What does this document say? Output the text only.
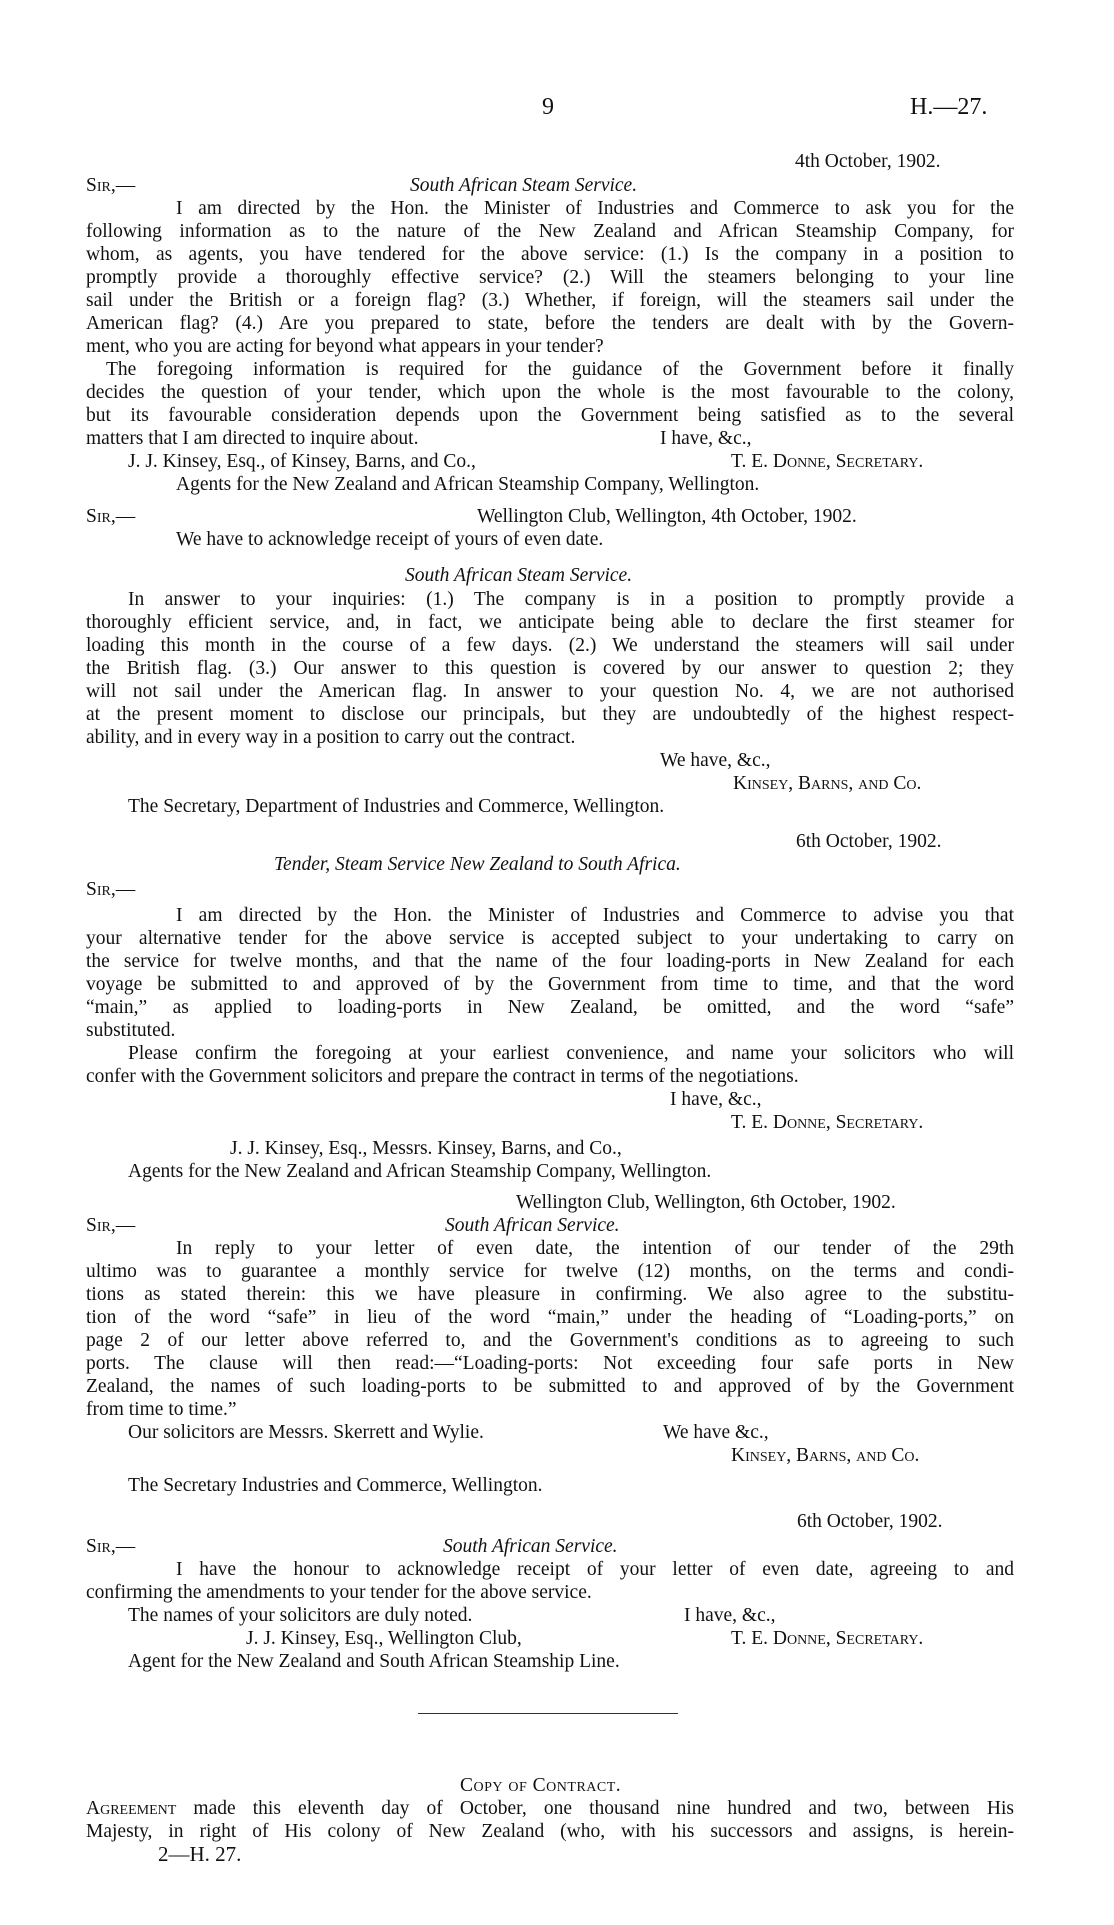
9	H.—27.
4th October, 1902.
Sir,—	South African Steam Service.
I am directed by the Hon. the Minister of Industries and Commerce to ask you for the
following information as to the nature of the New Zealand and African Steamship Company, for
whom, as agents, you have tendered for the above service: (1.) Is the company in a position to
promptly provide a thoroughly effective service? (2.) Will the steamers belonging to your line
sail under the British or a foreign flag? (3.) Whether, if foreign, will the steamers sail under the
American flag? (4.) Are you prepared to state, before the tenders are dealt with by the Govern-
ment, who you are acting for beyond what appears in your tender?
The foregoing information is required for the guidance of the Government before it finally
decides the question of your tender, which upon the whole is the most favourable to the colony,
but its favourable consideration depends upon the Government being satisfied as to the several
matters that I am directed to inquire about.	I have, &c.,
J. J. Kinsey, Esq., of Kinsey, Barns, and Co.,	T. E. Donne, Secretary.
Agents for the New Zealand and African Steamship Company, Wellington.
Sir,—	Wellington Club, Wellington, 4th October, 1902.
We have to acknowledge receipt of yours of even date.
South African Steam Service.
In answer to your inquiries: (1.) The company is in a position to promptly provide a
thoroughly efficient service, and, in fact, we anticipate being able to declare the first steamer for
loading this month in the course of a few days. (2.) We understand the steamers will sail under
the British flag. (3.) Our answer to this question is covered by our answer to question 2; they
will not sail under the American flag. In answer to your question No. 4, we are not authorised
at the present moment to disclose our principals, but they are undoubtedly of the highest respect-
ability, and in every way in a position to carry out the contract.
We have, &c.,
Kinsey, Barns, and Co.
The Secretary, Department of Industries and Commerce, Wellington.
6th October, 1902.
Tender, Steam Service New Zealand to South Africa.
Sir,—
I am directed by the Hon. the Minister of Industries and Commerce to advise you that
your alternative tender for the above service is accepted subject to your undertaking to carry on
the service for twelve months, and that the name of the four loading-ports in New Zealand for each
voyage be submitted to and approved of by the Government from time to time, and that the word
“main,” as applied to loading-ports in New Zealand, be omitted, and the word “safe”
substituted.
Please confirm the foregoing at your earliest convenience, and name your solicitors who will
confer with the Government solicitors and prepare the contract in terms of the negotiations.
I have, &c.,
T. E. Donne, Secretary.
J. J. Kinsey, Esq., Messrs. Kinsey, Barns, and Co.,
Agents for the New Zealand and African Steamship Company, Wellington.
Wellington Club, Wellington, 6th October, 1902.
Sir,—	South African Service.
In reply to your letter of even date, the intention of our tender of the 29th
ultimo was to guarantee a monthly service for twelve (12) months, on the terms and condi-
tions as stated therein: this we have pleasure in confirming. We also agree to the substitu-
tion of the word “safe” in lieu of the word “main,” under the heading of “Loading-ports,” on
page 2 of our letter above referred to, and the Government's conditions as to agreeing to such
ports. The clause will then read:—“Loading-ports: Not exceeding four safe ports in New
Zealand, the names of such loading-ports to be submitted to and approved of by the Government
from time to time.”
Our solicitors are Messrs. Skerrett and Wylie.	We have &c.,
Kinsey, Barns, and Co.
The Secretary Industries and Commerce, Wellington.
6th October, 1902.
Sir,—	South African Service.
I have the honour to acknowledge receipt of your letter of even date, agreeing to and
confirming the amendments to your tender for the above service.
The names of your solicitors are duly noted.	I have, &c.,
J. J. Kinsey, Esq., Wellington Club,	T. E. Donne, Secretary.
Agent for the New Zealand and South African Steamship Line.
Copy of Contract.
Agreement made this eleventh day of October, one thousand nine hundred and two, between His
Majesty, in right of His colony of New Zealand (who, with his successors and assigns, is herein-
2—H. 27.
